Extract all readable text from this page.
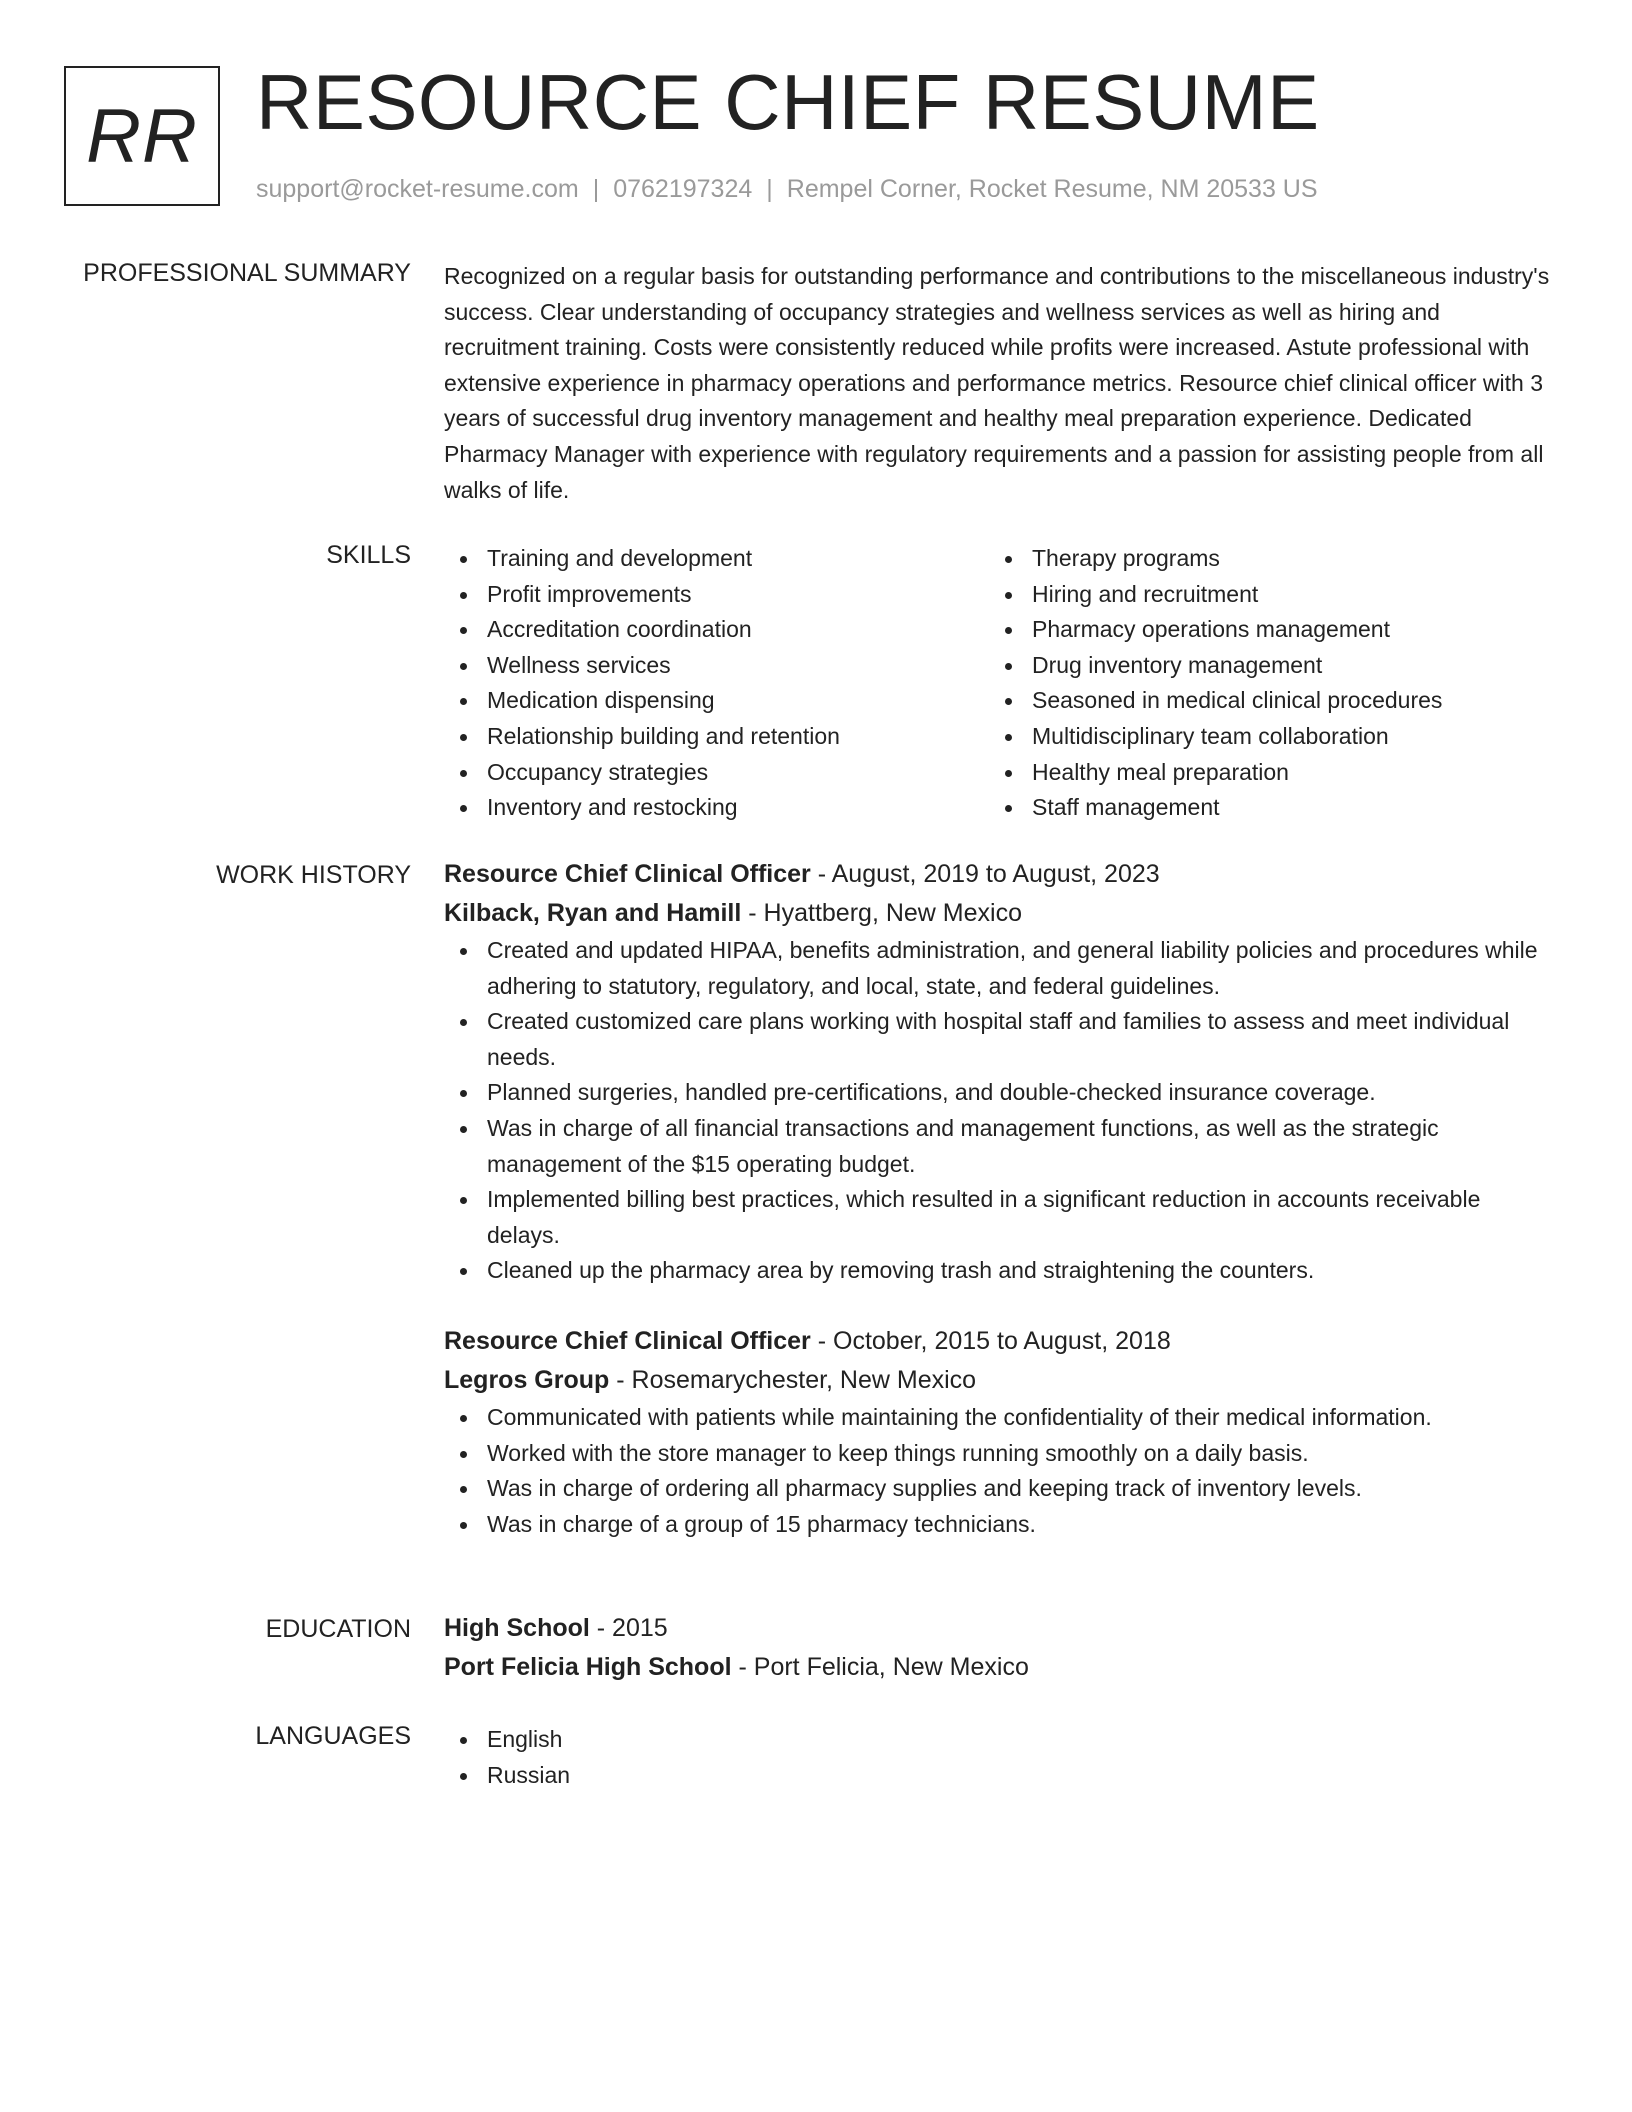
RR RESOURCE CHIEF RESUME
support@rocket-resume.com | 0762197324 | Rempel Corner, Rocket Resume, NM 20533 US
PROFESSIONAL SUMMARY Recognized on a regular basis for outstanding performance and contributions to the miscellaneous industry's success. Clear understanding of occupancy strategies and wellness services as well as hiring and recruitment training. Costs were consistently reduced while profits were increased. Astute professional with extensive experience in pharmacy operations and performance metrics. Resource chief clinical officer with 3 years of successful drug inventory management and healthy meal preparation experience. Dedicated Pharmacy Manager with experience with regulatory requirements and a passion for assisting people from all walks of life.

SKILLS	Training and development
Profit improvements
Accreditation coordination
Wellness services
Medication dispensing
Relationship building and retention
Occupancy strategies
Inventory and restocking
Therapy programs
Hiring and recruitment
Pharmacy operations management
Drug inventory management
Seasoned in medical clinical procedures
Multidisciplinary team collaboration
Healthy meal preparation
Staff management
WORK HISTORY Resource Chief Clinical Officer - August, 2019 to August, 2023
Kilback, Ryan and Hamill - Hyattberg, New Mexico
Created and updated HIPAA, benefits administration, and general liability policies and procedures while adhering to statutory, regulatory, and local, state, and federal guidelines.
Created customized care plans working with hospital staff and families to assess and meet individual needs.
Planned surgeries, handled pre-certifications, and double-checked insurance coverage.
Was in charge of all financial transactions and management functions, as well as the strategic management of the $15 operating budget.
Implemented billing best practices, which resulted in a significant reduction in accounts receivable delays.
Cleaned up the pharmacy area by removing trash and straightening the counters.
Resource Chief Clinical Officer - October, 2015 to August, 2018
Legros Group - Rosemarychester, New Mexico
Communicated with patients while maintaining the confidentiality of their medical information.
Worked with the store manager to keep things running smoothly on a daily basis.
Was in charge of ordering all pharmacy supplies and keeping track of inventory levels.
Was in charge of a group of 15 pharmacy technicians.
EDUCATION High School - 2015
Port Felicia High School - Port Felicia, New Mexico
LANGUAGES	English
Russian
